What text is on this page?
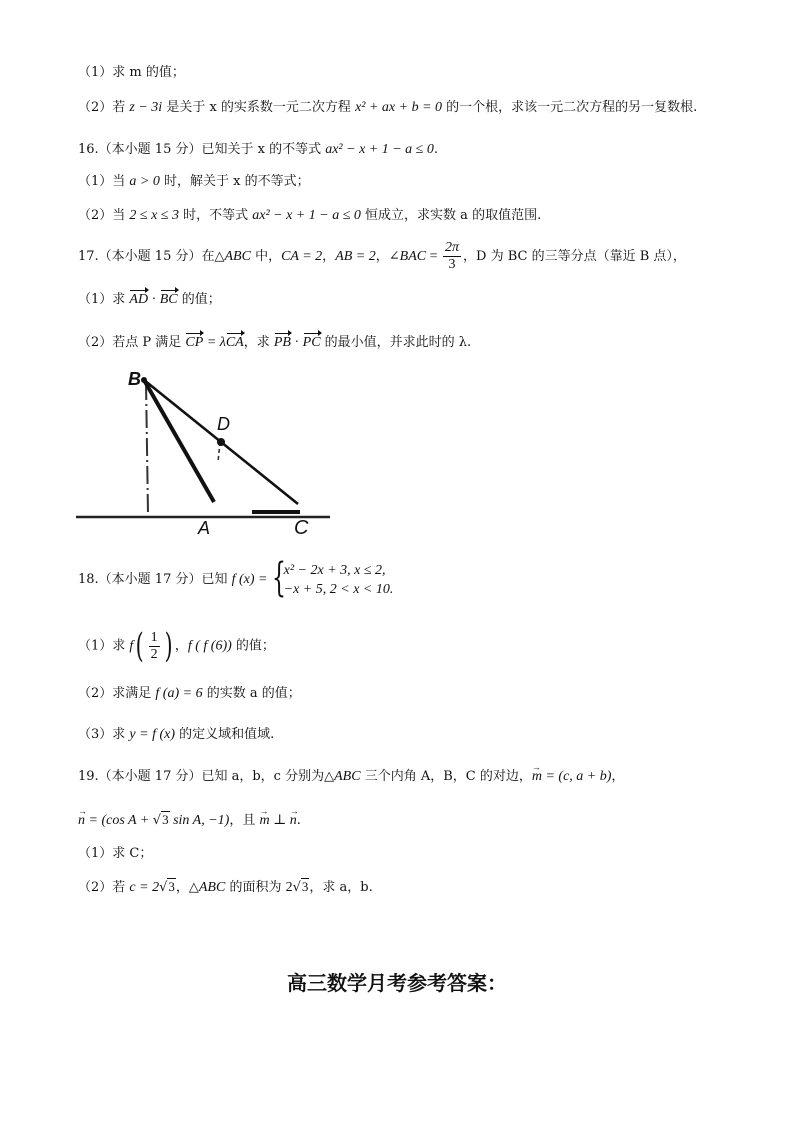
（1）求 m 的值；
（2）若 z − 3i 是关于 x 的实系数一元二次方程 x² + ax + b = 0 的一个根，求该一元二次方程的另一复数根.
16.（本小题 15 分）已知关于 x 的不等式 ax² − x + 1 − a ≤ 0.
（1）当 a > 0 时，解关于 x 的不等式；
（2）当 2 ≤ x ≤ 3 时，不等式 ax² − x + 1 − a ≤ 0 恒成立，求实数 a 的取值范围.
17.（本小题 15 分）在△ABC 中，CA = 2，AB = 2，∠BAC = $\frac{2\pi}{3}$ ，D 为 BC 的三等分点（靠近 B 点），
（1）求 AD · BC 的值；
（2）若点 P 满足 CP = λCA，求 PB · PC 的最小值，并求此时的 λ.
B
D
A	C
18.（本小题 17 分）已知 f (x) = {
x² − 2x + 3, x ≤ 2,
−x + 5, 2 < x < 10.
（1）求 $f( \frac{1}{2}$ ) ，f ( f (6)) 的值；
（2）求满足 f (a) = 6 的实数 a 的值；
（3）求 y = f (x) 的定义域和值域.
19.（本小题 17 分）已知 a，b，c 分别为△ABC 三个内角 A，B，C 的对边，→ m = (c, a + b)，
→ n = (cos A + √3 sin A, −1)，且 → m ⊥ → n.
（1）求 C；
（2）若 c = 2√3，△ABC 的面积为 2√3，求 a，b.
高三数学月考参考答案：
